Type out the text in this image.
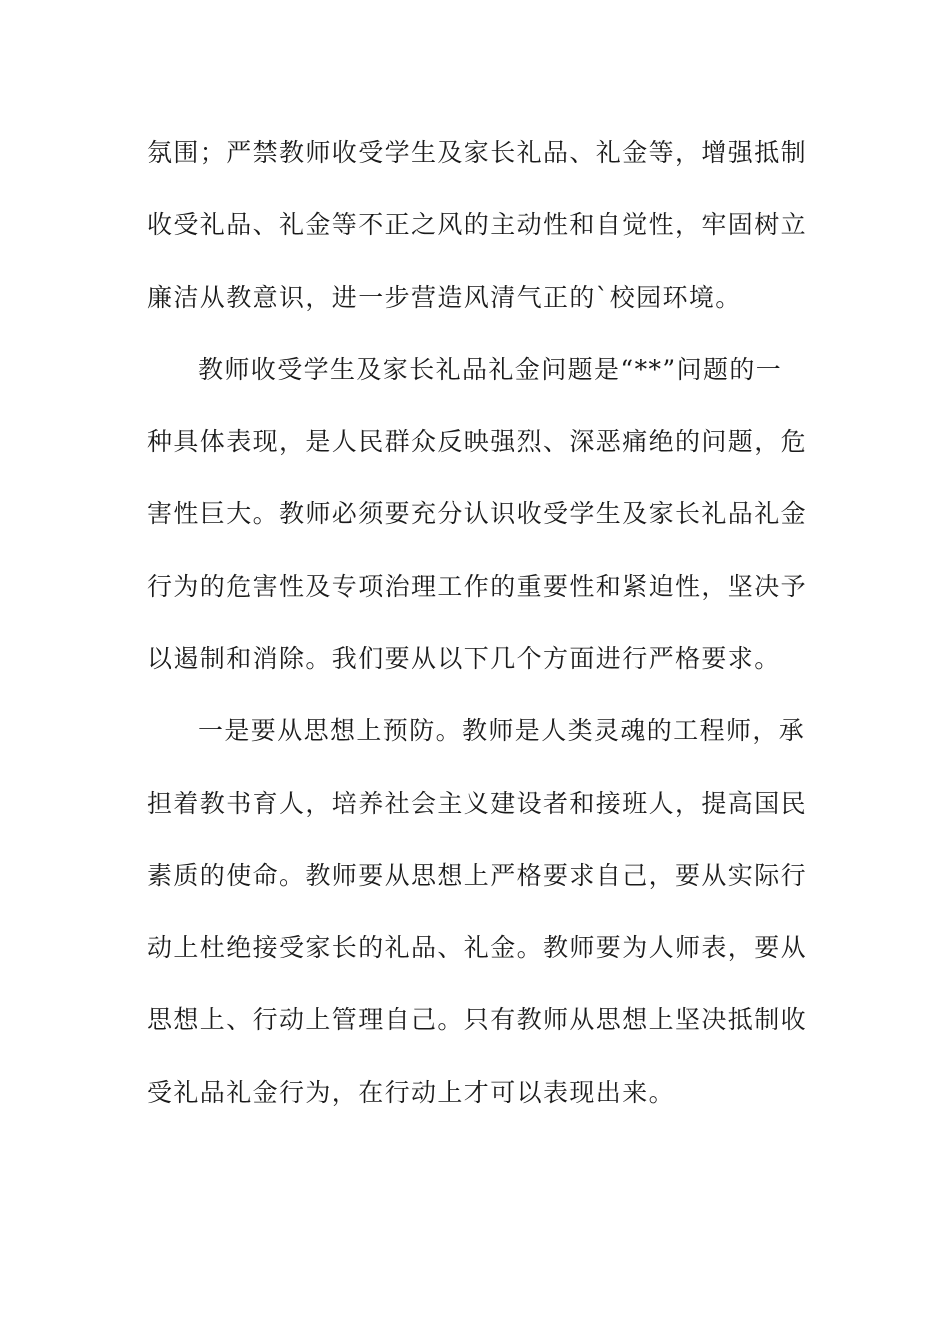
氛围；严禁教师收受学生及家长礼品、礼金等，增强抵制
收受礼品、礼金等不正之风的主动性和自觉性，牢固树立
廉洁从教意识，进一步营造风清气正的`校园环境。
教师收受学生及家长礼品礼金问题是“**”问题的一
种具体表现，是人民群众反映强烈、深恶痛绝的问题，危
害性巨大。教师必须要充分认识收受学生及家长礼品礼金
行为的危害性及专项治理工作的重要性和紧迫性，坚决予
以遏制和消除。我们要从以下几个方面进行严格要求。
一是要从思想上预防。教师是人类灵魂的工程师，承
担着教书育人，培养社会主义建设者和接班人，提高国民
素质的使命。教师要从思想上严格要求自己，要从实际行
动上杜绝接受家长的礼品、礼金。教师要为人师表，要从
思想上、行动上管理自己。只有教师从思想上坚决抵制收
受礼品礼金行为，在行动上才可以表现出来。
